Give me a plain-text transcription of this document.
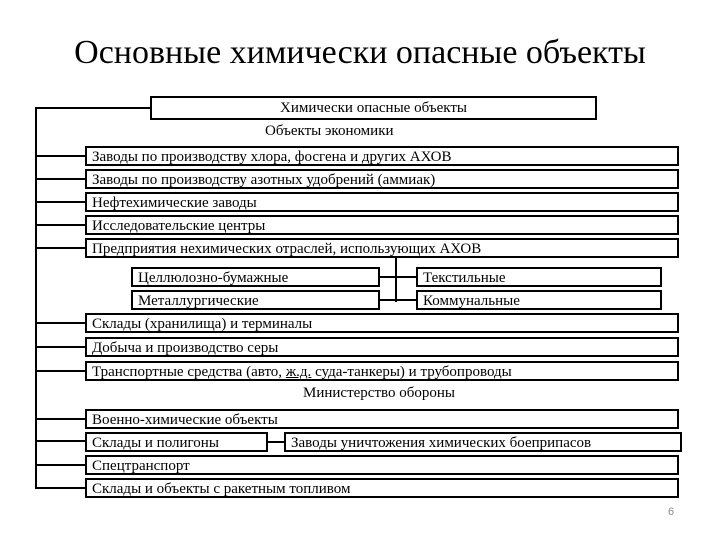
Основные химически опасные объекты
Химически опасные объекты
Объекты экономики
Заводы по производству хлора, фосгена и других АХОВ
Заводы по производству азотных удобрений (аммиак)
Нефтехимические заводы
Исследовательские центры
Предприятия нехимических отраслей, использующих АХОВ
Целлюлозно-бумажные
Металлургические
Текстильные
Коммунальные
Склады (хранилища) и терминалы
Добыча и производство серы
Транспортные средства (авто, ж.д. суда-танкеры) и трубопроводы
Министерство обороны
Военно-химические объекты
Склады и полигоны	Заводы уничтожения химических боеприпасов
Спецтранспорт
Склады и объекты с ракетным топливом
6
